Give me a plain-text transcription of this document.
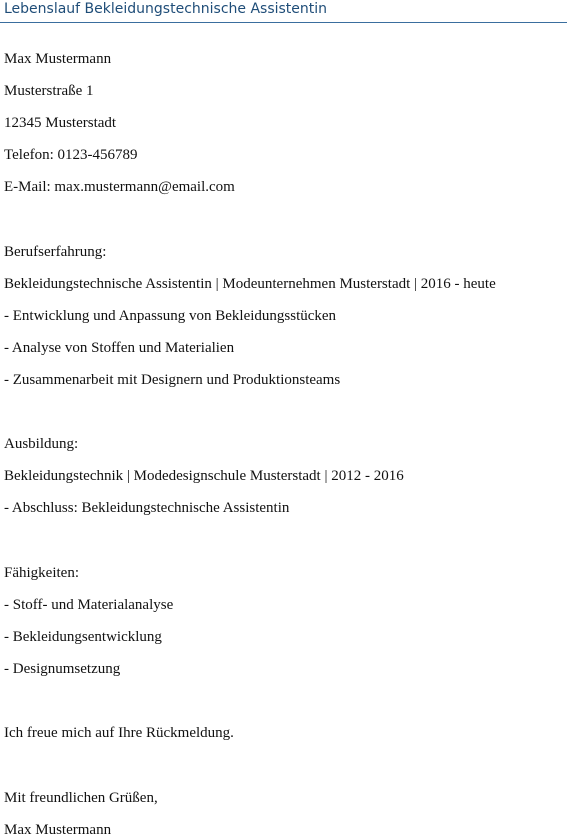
Lebenslauf Bekleidungstechnische Assistentin
Max Mustermann
Musterstraße 1
12345 Musterstadt
Telefon: 0123-456789
E-Mail: max.mustermann@email.com
Berufserfahrung:
Bekleidungstechnische Assistentin | Modeunternehmen Musterstadt | 2016 - heute
- Entwicklung und Anpassung von Bekleidungsstücken
- Analyse von Stoffen und Materialien
- Zusammenarbeit mit Designern und Produktionsteams
Ausbildung:
Bekleidungstechnik | Modedesignschule Musterstadt | 2012 - 2016
- Abschluss: Bekleidungstechnische Assistentin
Fähigkeiten:
- Stoff- und Materialanalyse
- Bekleidungsentwicklung
- Designumsetzung
Ich freue mich auf Ihre Rückmeldung.
Mit freundlichen Grüßen,
Max Mustermann
